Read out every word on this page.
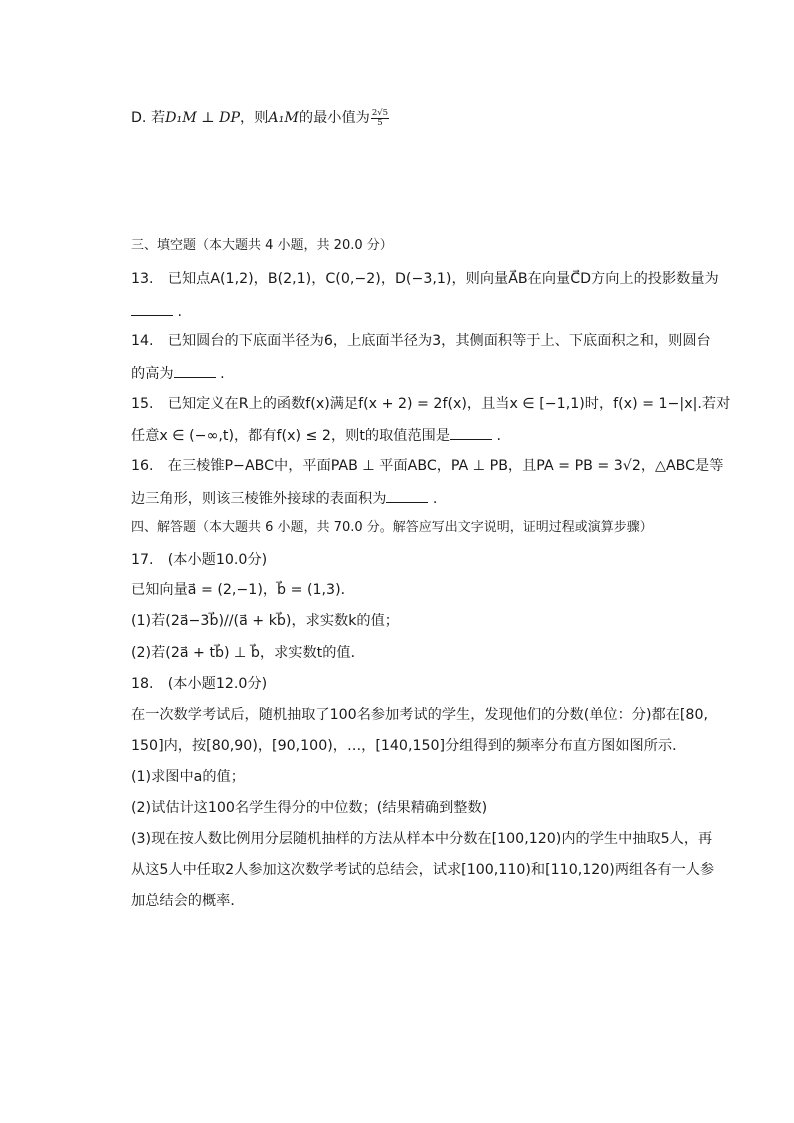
D. 若D₁M ⊥ DP，则A₁M的最小值为 $\frac{2√5}{5}$
三、填空题（本大题共 4 小题，共 20.0 分）
13.　已知点A(1,2)，B(2,1)，C(0,−2)，D(−3,1)，则向量A⃗B在向量C⃗D方向上的投影数量为
.
14.　已知圆台的下底面半径为6，上底面半径为3，其侧面积等于上、下底面积之和，则圆台
的高为	.
15.　已知定义在R上的函数f(x)满足f(x + 2) = 2f(x)，且当x ∈ [−1,1)时，f(x) = 1−|x|.若对
任意x ∈ (−∞,t)，都有f(x) ≤ 2，则t的取值范围是	.
16.　在三棱锥P−ABC中，平面PAB ⊥ 平面ABC，PA ⊥ PB，且PA = PB = 3√2，△ABC是等
边三角形，则该三棱锥外接球的表面积为	.
四、解答题（本大题共 6 小题，共 70.0 分。解答应写出文字说明，证明过程或演算步骤）
17.　(本小题10.0分)
已知向量a⃗ = (2,−1)，b⃗ = (1,3)．
(1)若(2a⃗−3b⃗)//(a⃗ + kb⃗)，求实数k的值；
(2)若(2a⃗ + tb⃗) ⊥ b⃗，求实数t的值．
18.　(本小题12.0分)
在一次数学考试后，随机抽取了100名参加考试的学生，发现他们的分数(单位：分)都在[80,
150]内，按[80,90)，[90,100)，…，[140,150]分组得到的频率分布直方图如图所示．
(1)求图中a的值；
(2)试估计这100名学生得分的中位数；(结果精确到整数)
(3)现在按人数比例用分层随机抽样的方法从样本中分数在[100,120)内的学生中抽取5人，再
从这5人中任取2人参加这次数学考试的总结会，试求[100,110)和[110,120)两组各有一人参
加总结会的概率．
